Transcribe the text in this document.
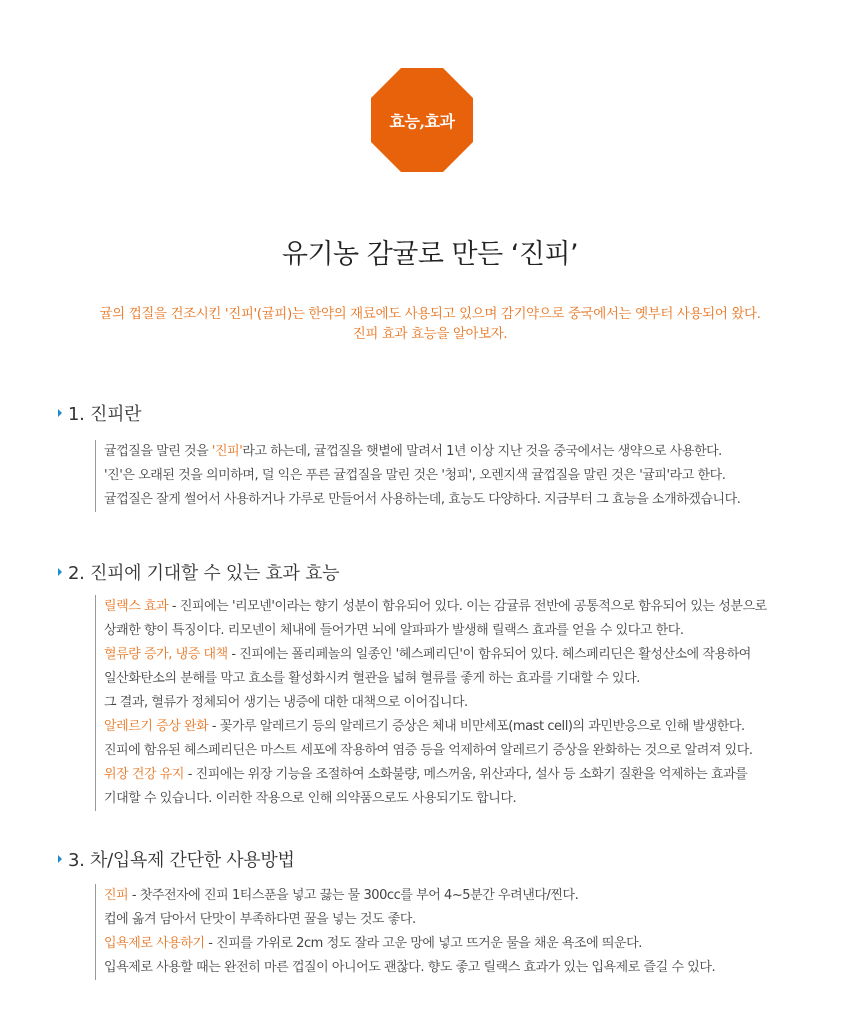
효능,효과
유기농 감귤로 만든 ‘진피’
귤의 껍질을 건조시킨 '진피'(귤피)는 한약의 재료에도 사용되고 있으며 감기약으로 중국에서는 옛부터 사용되어 왔다.
진피 효과 효능을 알아보자.
1. 진피란
귤껍질을 말린 것을 '진피'라고 하는데, 귤껍질을 햇볕에 말려서 1년 이상 지난 것을 중국에서는 생약으로 사용한다.
'진'은 오래된 것을 의미하며, 덜 익은 푸른 귤껍질을 말린 것은 '청피', 오렌지색 귤껍질을 말린 것은 '귤피'라고 한다.
귤껍질은 잘게 썰어서 사용하거나 가루로 만들어서 사용하는데, 효능도 다양하다. 지금부터 그 효능을 소개하겠습니다.
2. 진피에 기대할 수 있는 효과 효능
릴랙스 효과 - 진피에는 '리모넨'이라는 향기 성분이 함유되어 있다. 이는 감귤류 전반에 공통적으로 함유되어 있는 성분으로
상쾌한 향이 특징이다. 리모넨이 체내에 들어가면 뇌에 알파파가 발생해 릴랙스 효과를 얻을 수 있다고 한다.
혈류량 증가, 냉증 대책 - 진피에는 폴리페놀의 일종인 '헤스페리딘'이 함유되어 있다. 헤스페리딘은 활성산소에 작용하여
일산화탄소의 분해를 막고 효소를 활성화시켜 혈관을 넓혀 혈류를 좋게 하는 효과를 기대할 수 있다.
그 결과, 혈류가 정체되어 생기는 냉증에 대한 대책으로 이어집니다.
알레르기 증상 완화 - 꽃가루 알레르기 등의 알레르기 증상은 체내 비만세포(mast cell)의 과민반응으로 인해 발생한다.
진피에 함유된 헤스페리딘은 마스트 세포에 작용하여 염증 등을 억제하여 알레르기 증상을 완화하는 것으로 알려져 있다.
위장 건강 유지 - 진피에는 위장 기능을 조절하여 소화불량, 메스꺼움, 위산과다, 설사 등 소화기 질환을 억제하는 효과를
기대할 수 있습니다. 이러한 작용으로 인해 의약품으로도 사용되기도 합니다.
3. 차/입욕제 간단한 사용방법
진피 - 찻주전자에 진피 1티스푼을 넣고 끓는 물 300cc를 부어 4~5분간 우려낸다/찐다.
컵에 옮겨 담아서 단맛이 부족하다면 꿀을 넣는 것도 좋다.
입욕제로 사용하기 - 진피를 가위로 2cm 정도 잘라 고운 망에 넣고 뜨거운 물을 채운 욕조에 띄운다.
입욕제로 사용할 때는 완전히 마른 껍질이 아니어도 괜찮다. 향도 좋고 릴랙스 효과가 있는 입욕제로 즐길 수 있다.
